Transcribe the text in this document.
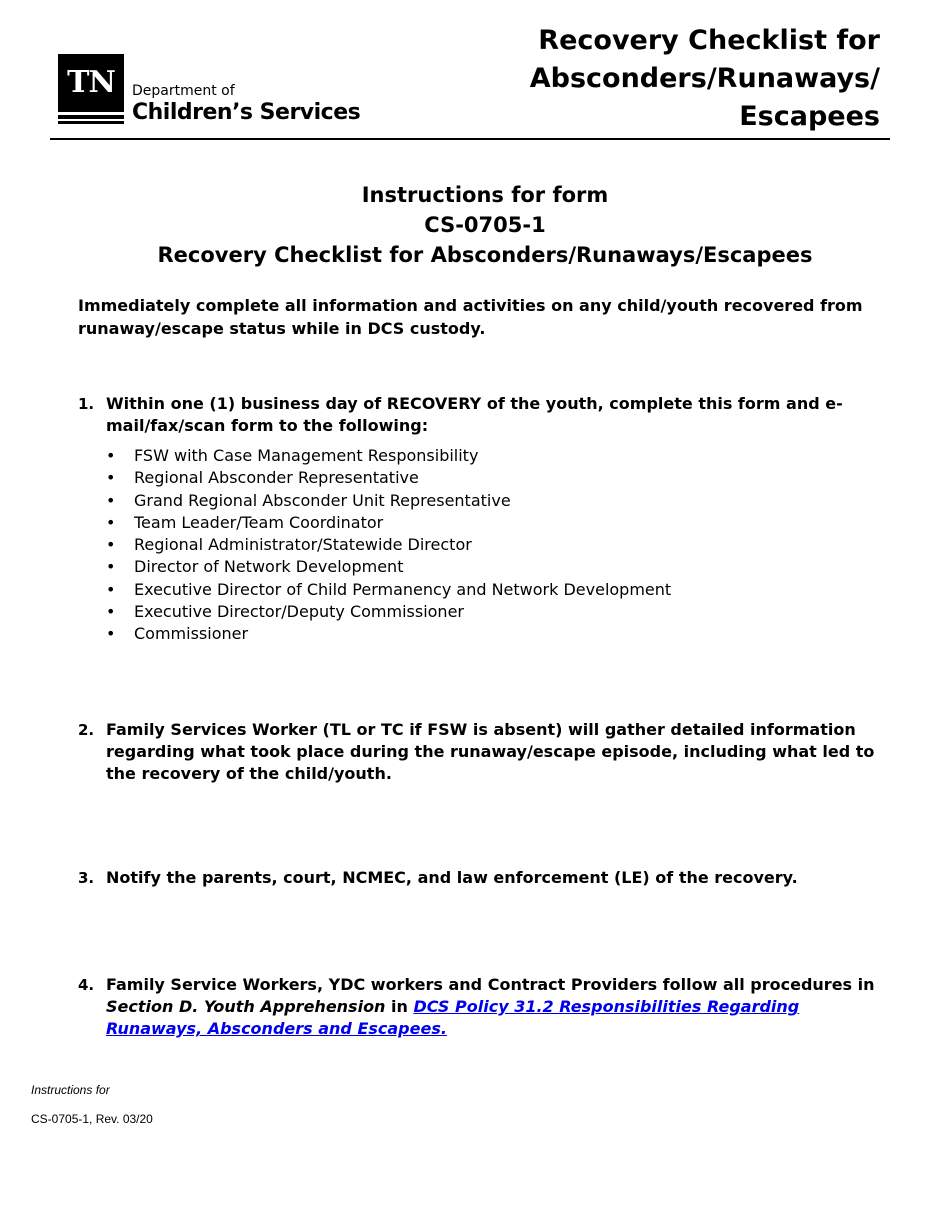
TN	Department of
Children’s Services
Recovery Checklist for
Absconders/Runaways/
Escapees
Instructions for form
CS-0705-1
Recovery Checklist for Absconders/Runaways/Escapees
Immediately complete all information and activities on any child/youth recovered from runaway/escape status while in DCS custody.
1. Within one (1) business day of RECOVERY of the youth, complete this form and e-mail/fax/scan form to the following:
• FSW with Case Management Responsibility
• Regional Absconder Representative
• Grand Regional Absconder Unit Representative
• Team Leader/Team Coordinator
• Regional Administrator/Statewide Director
• Director of Network Development
• Executive Director of Child Permanency and Network Development
• Executive Director/Deputy Commissioner
• Commissioner
2. Family Services Worker (TL or TC if FSW is absent) will gather detailed information regarding what took place during the runaway/escape episode, including what led to the recovery of the child/youth.
3. Notify the parents, court, NCMEC, and law enforcement (LE) of the recovery.
4. Family Service Workers, YDC workers and Contract Providers follow all procedures in Section D. Youth Apprehension in DCS Policy 31.2 Responsibilities Regarding Runaways, Absconders and Escapees.
Instructions for
CS-0705-1, Rev. 03/20
